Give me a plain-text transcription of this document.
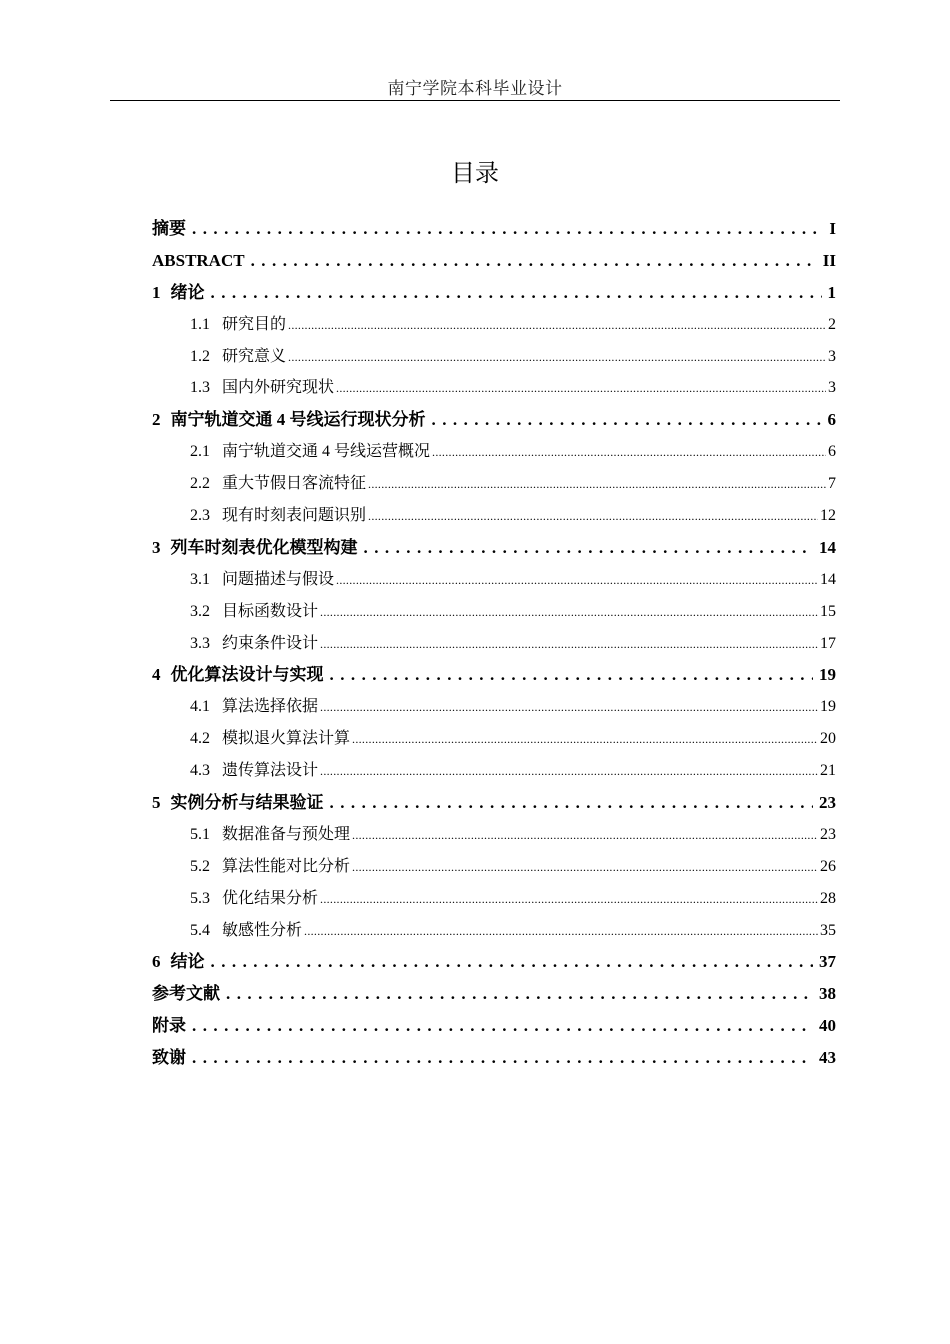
南宁学院本科毕业设计
目录
摘要 . . .	I
ABSTRACT . . .	II
1 绪论 . . .	1
1.1 研究目的 .....	2
1.2 研究意义 .....	3
1.3 国内外研究现状 .....	3
2 南宁轨道交通 4 号线运行现状分析 . . .	6
2.1 南宁轨道交通 4 号线运营概况 .....	6
2.2 重大节假日客流特征 .....	7
2.3 现有时刻表问题识别 .....	12
3 列车时刻表优化模型构建 . . .	14
3.1 问题描述与假设 .....	14
3.2 目标函数设计 .....	15
3.3 约束条件设计 .....	17
4 优化算法设计与实现 . . .	19
4.1 算法选择依据 .....	19
4.2 模拟退火算法计算 .....	20
4.3 遗传算法设计 .....	21
5 实例分析与结果验证 . . .	23
5.1 数据准备与预处理 .....	23
5.2 算法性能对比分析 .....	26
5.3 优化结果分析 .....	28
5.4 敏感性分析 .....	35
6 结论 . . .	37
参考文献 . . .	38
附录 . . .	40
致谢 . . .	43
